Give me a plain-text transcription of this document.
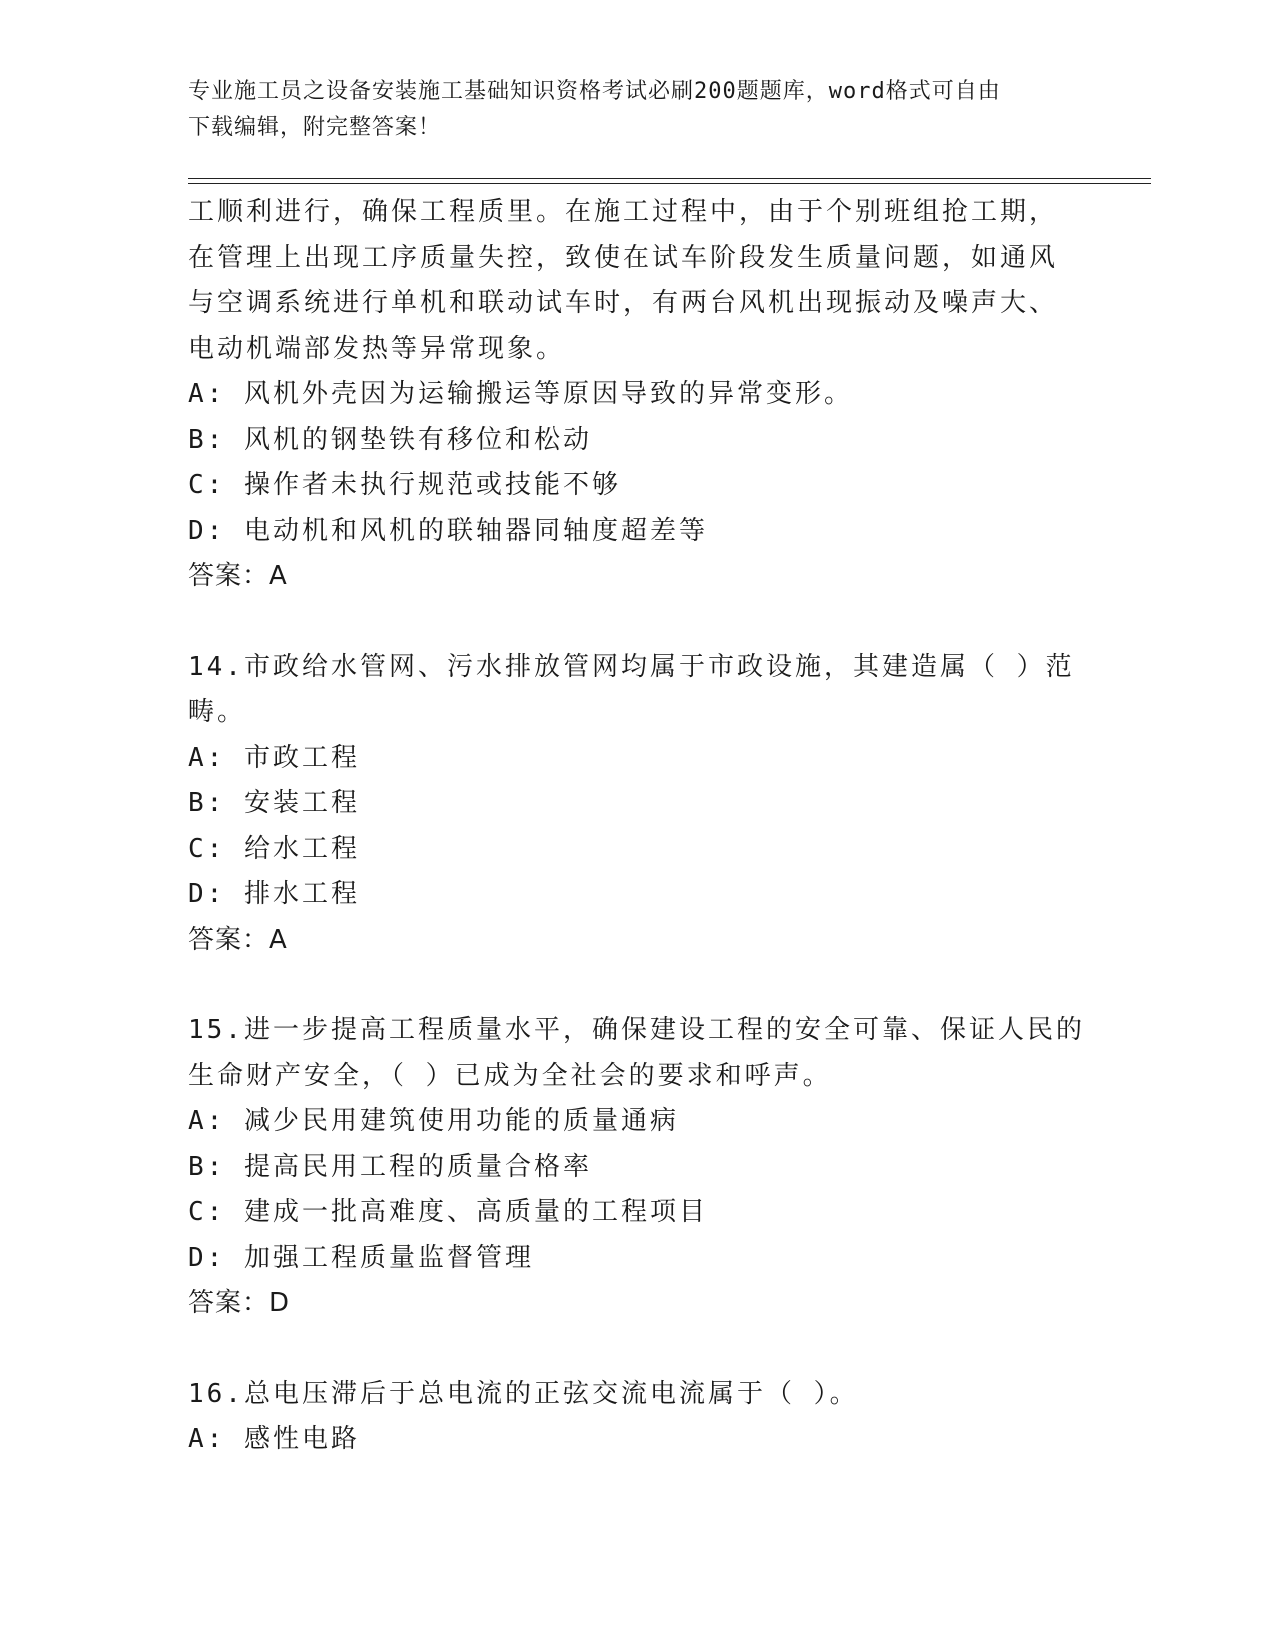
专业施工员之设备安装施工基础知识资格考试必刷200题题库，word格式可自由
下载编辑，附完整答案！
工顺利进行，确保工程质里。在施工过程中，由于个别班组抢工期，
在管理上出现工序质量失控，致使在试车阶段发生质量问题，如通风
与空调系统进行单机和联动试车时，有两台风机出现振动及噪声大、
电动机端部发热等异常现象。
A: 风机外壳因为运输搬运等原因导致的异常变形。
B: 风机的钢垫铁有移位和松动
C: 操作者未执行规范或技能不够
D: 电动机和风机的联轴器同轴度超差等
答案：A
14.市政给水管网、污水排放管网均属于市政设施，其建造属（ ）范
畴。
A: 市政工程
B: 安装工程
C: 给水工程
D: 排水工程
答案：A
15.进一步提高工程质量水平，确保建设工程的安全可靠、保证人民的
生命财产安全，（ ）已成为全社会的要求和呼声。
A: 减少民用建筑使用功能的质量通病
B: 提高民用工程的质量合格率
C: 建成一批高难度、高质量的工程项目
D: 加强工程质量监督管理
答案：D
16.总电压滞后于总电流的正弦交流电流属于（ ）。
A: 感性电路
